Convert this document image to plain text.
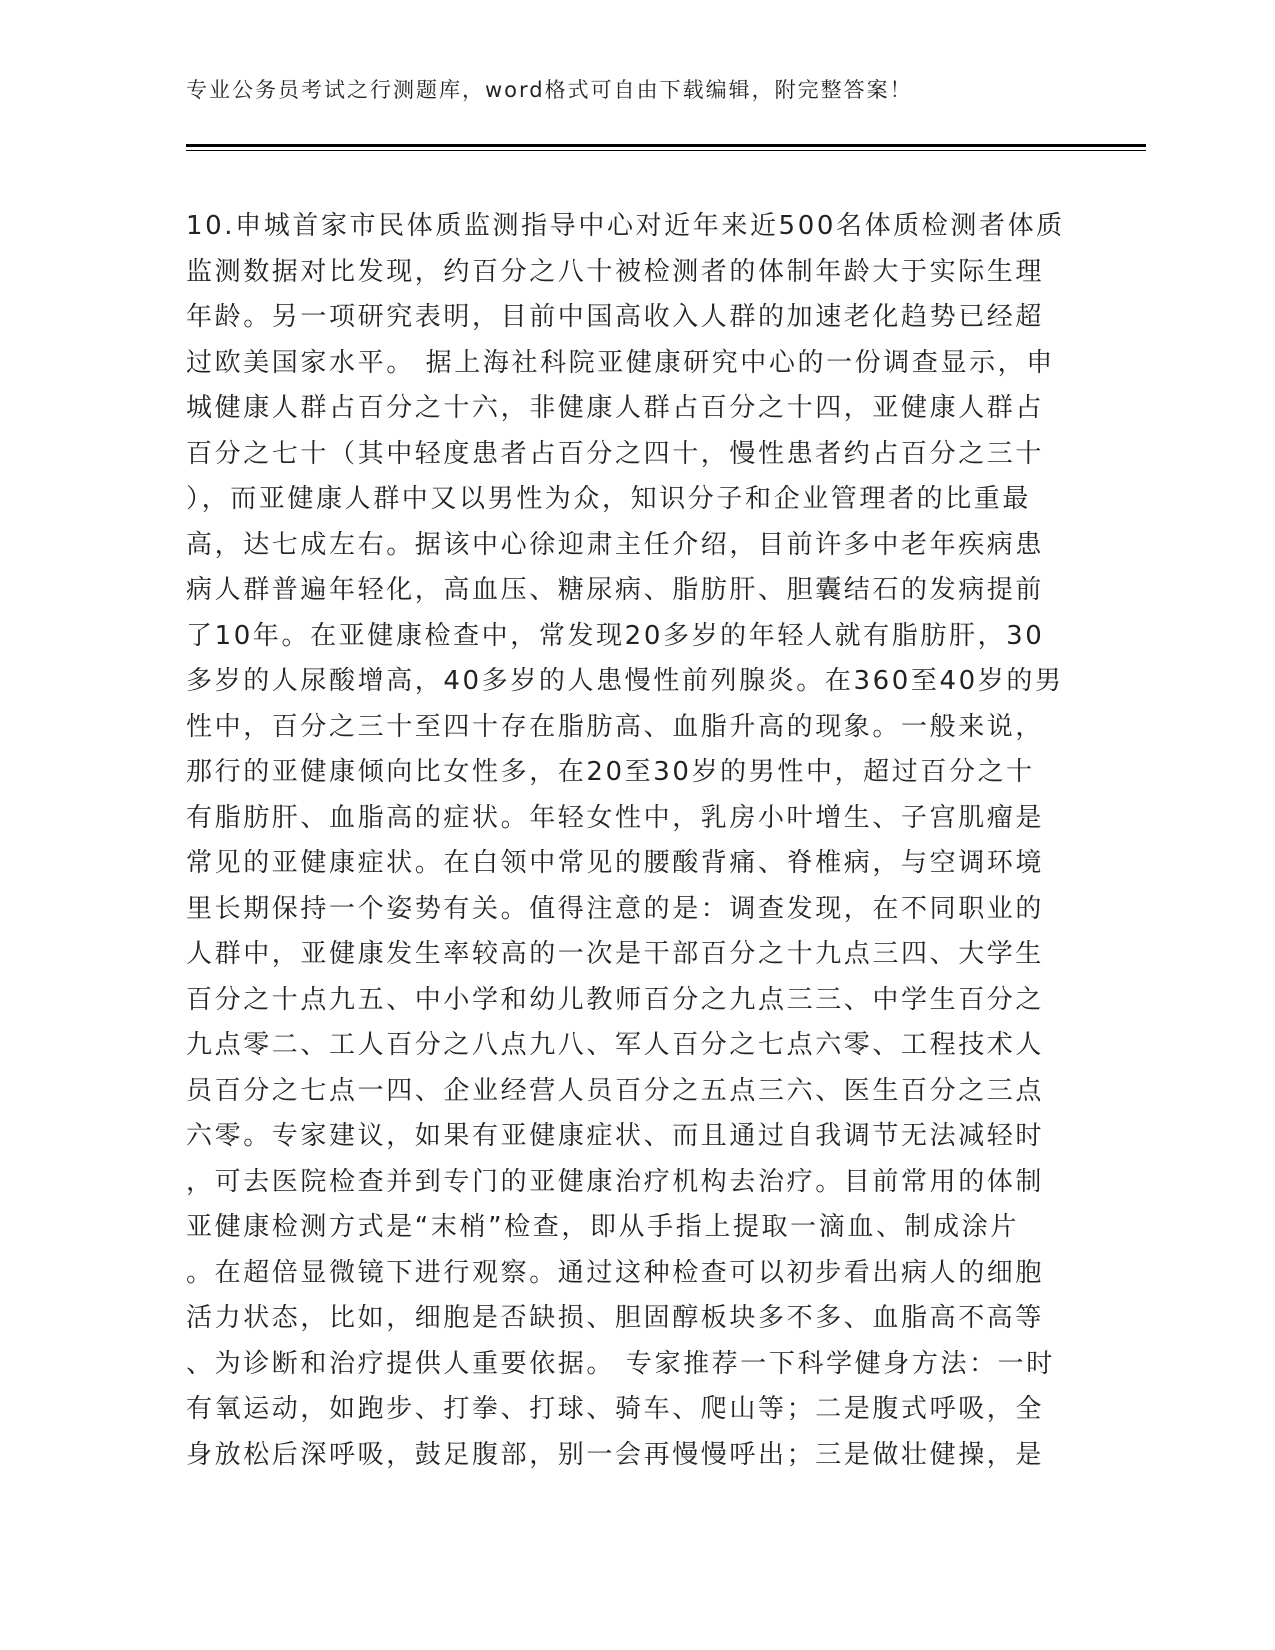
专业公务员考试之行测题库，word格式可自由下载编辑，附完整答案！
10.申城首家市民体质监测指导中心对近年来近500名体质检测者体质
监测数据对比发现，约百分之八十被检测者的体制年龄大于实际生理
年龄。另一项研究表明，目前中国高收入人群的加速老化趋势已经超
过欧美国家水平。 据上海社科院亚健康研究中心的一份调查显示，申
城健康人群占百分之十六，非健康人群占百分之十四，亚健康人群占
百分之七十（其中轻度患者占百分之四十，慢性患者约占百分之三十
），而亚健康人群中又以男性为众，知识分子和企业管理者的比重最
高，达七成左右。据该中心徐迎肃主任介绍，目前许多中老年疾病患
病人群普遍年轻化，高血压、糖尿病、脂肪肝、胆囊结石的发病提前
了10年。在亚健康检查中，常发现20多岁的年轻人就有脂肪肝，30
多岁的人尿酸增高，40多岁的人患慢性前列腺炎。在360至40岁的男
性中，百分之三十至四十存在脂肪高、血脂升高的现象。一般来说，
那行的亚健康倾向比女性多，在20至30岁的男性中，超过百分之十
有脂肪肝、血脂高的症状。年轻女性中，乳房小叶增生、子宫肌瘤是
常见的亚健康症状。在白领中常见的腰酸背痛、脊椎病，与空调环境
里长期保持一个姿势有关。值得注意的是：调查发现，在不同职业的
人群中，亚健康发生率较高的一次是干部百分之十九点三四、大学生
百分之十点九五、中小学和幼儿教师百分之九点三三、中学生百分之
九点零二、工人百分之八点九八、军人百分之七点六零、工程技术人
员百分之七点一四、企业经营人员百分之五点三六、医生百分之三点
六零。专家建议，如果有亚健康症状、而且通过自我调节无法减轻时
，可去医院检查并到专门的亚健康治疗机构去治疗。目前常用的体制
亚健康检测方式是“末梢”检查，即从手指上提取一滴血、制成涂片
。在超倍显微镜下进行观察。通过这种检查可以初步看出病人的细胞
活力状态，比如，细胞是否缺损、胆固醇板块多不多、血脂高不高等
、为诊断和治疗提供人重要依据。 专家推荐一下科学健身方法：一时
有氧运动，如跑步、打拳、打球、骑车、爬山等；二是腹式呼吸，全
身放松后深呼吸，鼓足腹部，别一会再慢慢呼出；三是做壮健操，是
